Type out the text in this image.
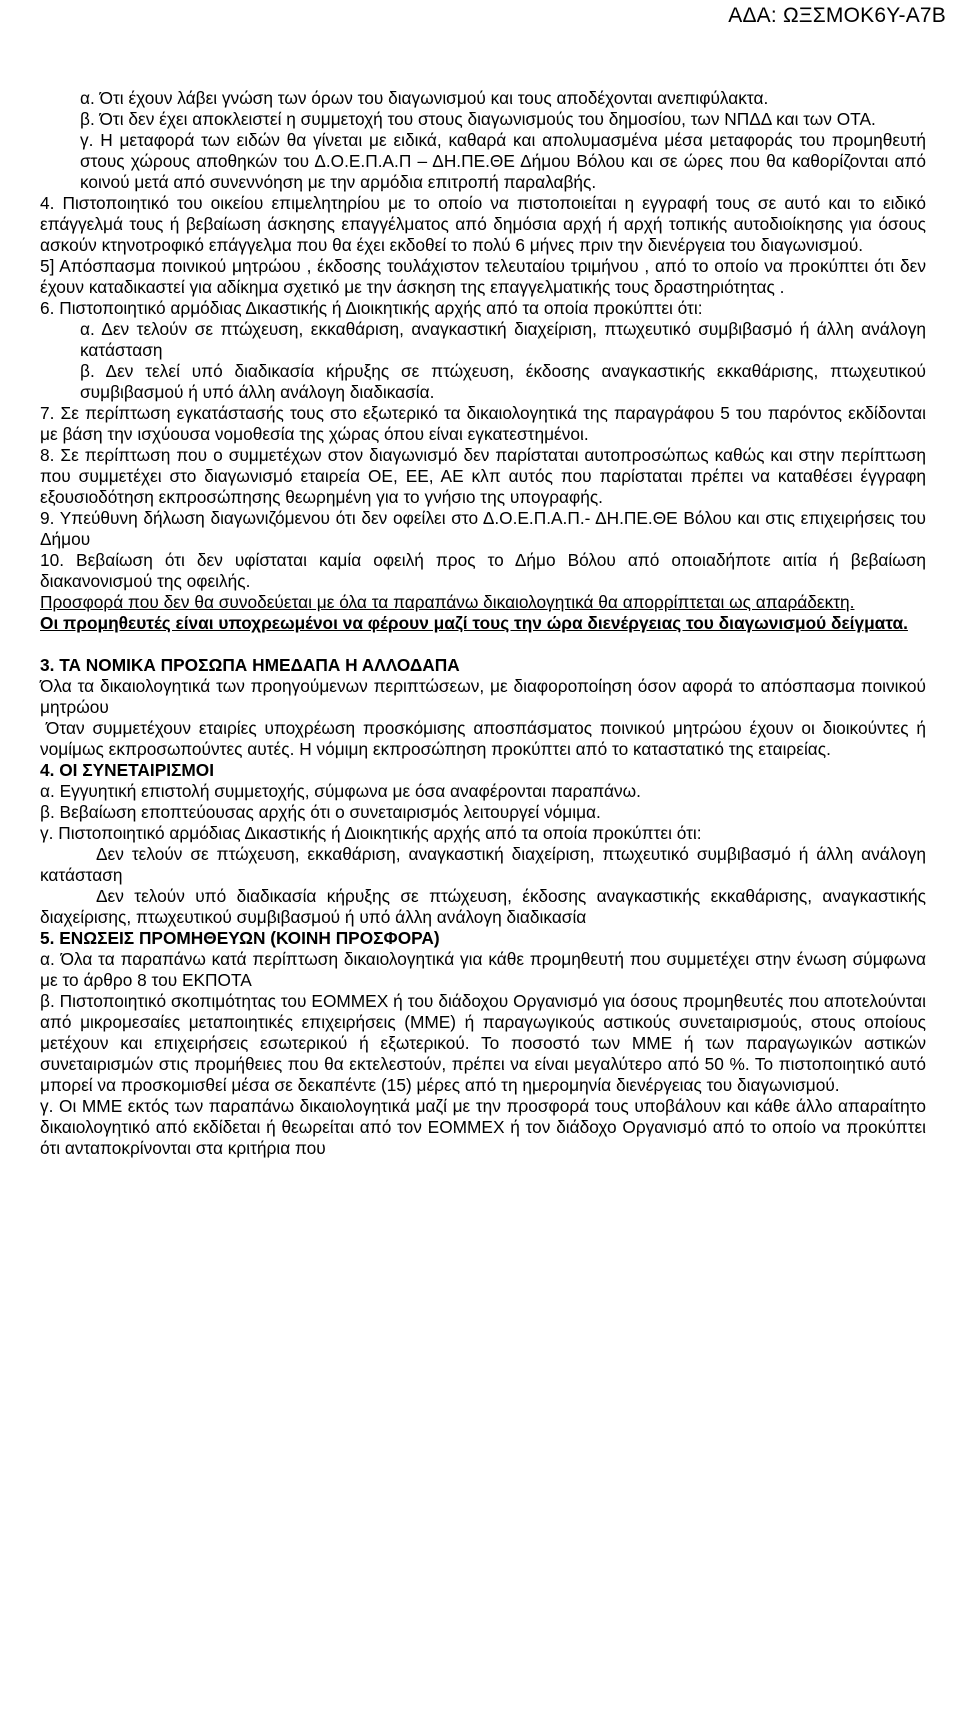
ΑΔΑ: ΩΞΣΜΟΚ6Υ-Α7Β

α. Ότι έχουν λάβει γνώση των όρων του διαγωνισμού και τους αποδέχονται ανεπιφύλακτα.

β. Ότι δεν έχει αποκλειστεί η συμμετοχή του στους διαγωνισμούς του δημοσίου, των ΝΠΔΔ και των ΟΤΑ.

γ. Η μεταφορά των ειδών θα γίνεται με ειδικά, καθαρά και απολυμασμένα μέσα μεταφοράς του προμηθευτή στους χώρους αποθηκών του Δ.Ο.Ε.Π.Α.Π – ΔΗ.ΠΕ.ΘΕ Δήμου Βόλου και σε ώρες που θα καθορίζονται από κοινού μετά από συνεννόηση με την αρμόδια επιτροπή παραλαβής.

4. Πιστοποιητικό του οικείου επιμελητηρίου με το οποίο να πιστοποιείται η εγγραφή τους σε αυτό και το ειδικό επάγγελμά τους ή βεβαίωση άσκησης επαγγέλματος από δημόσια αρχή ή αρχή τοπικής αυτοδιοίκησης για όσους ασκούν κτηνοτροφικό επάγγελμα που θα έχει εκδοθεί το πολύ 6 μήνες πριν την διενέργεια του διαγωνισμού.

5] Απόσπασμα ποινικού μητρώου , έκδοσης τουλάχιστον τελευταίου τριμήνου , από το οποίο να προκύπτει ότι δεν έχουν καταδικαστεί για αδίκημα σχετικό με την άσκηση της επαγγελματικής τους δραστηριότητας .

6. Πιστοποιητικό αρμόδιας Δικαστικής ή Διοικητικής αρχής από τα οποία προκύπτει ότι:

α. Δεν τελούν σε πτώχευση, εκκαθάριση, αναγκαστική διαχείριση, πτωχευτικό συμβιβασμό ή άλλη ανάλογη κατάσταση

β. Δεν τελεί υπό διαδικασία κήρυξης σε πτώχευση, έκδοσης αναγκαστικής εκκαθάρισης, πτωχευτικού συμβιβασμού ή υπό άλλη ανάλογη διαδικασία.

7. Σε περίπτωση εγκατάστασής τους στο εξωτερικό τα δικαιολογητικά της παραγράφου 5 του παρόντος εκδίδονται με βάση την ισχύουσα νομοθεσία της χώρας όπου είναι εγκατεστημένοι.

8. Σε περίπτωση που ο συμμετέχων στον διαγωνισμό δεν παρίσταται αυτοπροσώπως καθώς και στην περίπτωση που συμμετέχει στο διαγωνισμό εταιρεία ΟΕ, ΕΕ, ΑΕ κλπ αυτός που παρίσταται πρέπει να καταθέσει έγγραφη εξουσιοδότηση εκπροσώπησης θεωρημένη για το γνήσιο της υπογραφής.

9. Υπεύθυνη δήλωση διαγωνιζόμενου ότι δεν οφείλει στο Δ.Ο.Ε.Π.Α.Π.- ΔΗ.ΠΕ.ΘΕ Βόλου και στις επιχειρήσεις του Δήμου

10. Βεβαίωση ότι δεν υφίσταται καμία οφειλή προς το Δήμο Βόλου από οποιαδήποτε αιτία ή βεβαίωση διακανονισμού της οφειλής.

Προσφορά που δεν θα συνοδεύεται με όλα τα παραπάνω δικαιολογητικά θα απορρίπτεται ως απαράδεκτη.

Οι προμηθευτές είναι υποχρεωμένοι να φέρουν μαζί τους την ώρα διενέργειας του διαγωνισμού δείγματα.

3. ΤΑ ΝΟΜΙΚΑ ΠΡΟΣΩΠΑ ΗΜΕΔΑΠΑ Η ΑΛΛΟΔΑΠΑ

Όλα τα δικαιολογητικά των προηγούμενων περιπτώσεων, με διαφοροποίηση όσον αφορά το απόσπασμα ποινικού μητρώου

Όταν συμμετέχουν εταιρίες υποχρέωση προσκόμισης αποσπάσματος ποινικού μητρώου έχουν οι διοικούντες ή νομίμως εκπροσωπούντες αυτές. Η νόμιμη εκπροσώπηση προκύπτει από το καταστατικό της εταιρείας.

4. ΟΙ ΣΥΝΕΤΑΙΡΙΣΜΟΙ

α. Εγγυητική επιστολή συμμετοχής, σύμφωνα με όσα αναφέρονται παραπάνω.

β. Βεβαίωση εποπτεύουσας αρχής ότι ο συνεταιρισμός λειτουργεί νόμιμα.

γ. Πιστοποιητικό αρμόδιας Δικαστικής ή Διοικητικής αρχής από τα οποία προκύπτει ότι:

Δεν τελούν σε πτώχευση, εκκαθάριση, αναγκαστική διαχείριση, πτωχευτικό συμβιβασμό ή άλλη ανάλογη κατάσταση

Δεν τελούν υπό διαδικασία κήρυξης σε πτώχευση, έκδοσης αναγκαστικής εκκαθάρισης, αναγκαστικής διαχείρισης, πτωχευτικού συμβιβασμού ή υπό άλλη ανάλογη διαδικασία

5. ΕΝΩΣΕΙΣ ΠΡΟΜΗΘΕΥΩΝ (ΚΟΙΝΗ ΠΡΟΣΦΟΡΑ)

α. Όλα τα παραπάνω κατά περίπτωση δικαιολογητικά για κάθε προμηθευτή που συμμετέχει στην ένωση σύμφωνα με το άρθρο 8 του ΕΚΠΟΤΑ

β. Πιστοποιητικό σκοπιμότητας του ΕΟΜΜΕΧ ή του διάδοχου Οργανισμό για όσους προμηθευτές που αποτελούνται από μικρομεσαίες μεταποιητικές επιχειρήσεις (ΜΜΕ) ή παραγωγικούς αστικούς συνεταιρισμούς, στους οποίους μετέχουν και επιχειρήσεις εσωτερικού ή εξωτερικού. Το ποσοστό των ΜΜΕ ή των παραγωγικών αστικών συνεταιρισμών στις προμήθειες που θα εκτελεστούν, πρέπει να είναι μεγαλύτερο από 50 %. Το πιστοποιητικό αυτό μπορεί να προσκομισθεί μέσα σε δεκαπέντε (15) μέρες από τη ημερομηνία διενέργειας του διαγωνισμού.

γ. Οι ΜΜΕ εκτός των παραπάνω δικαιολογητικά μαζί με την προσφορά τους υποβάλουν και κάθε άλλο απαραίτητο δικαιολογητικό από εκδίδεται ή θεωρείται από τον ΕΟΜΜΕΧ ή τον διάδοχο Οργανισμό από το οποίο να προκύπτει ότι ανταποκρίνονται στα κριτήρια που
